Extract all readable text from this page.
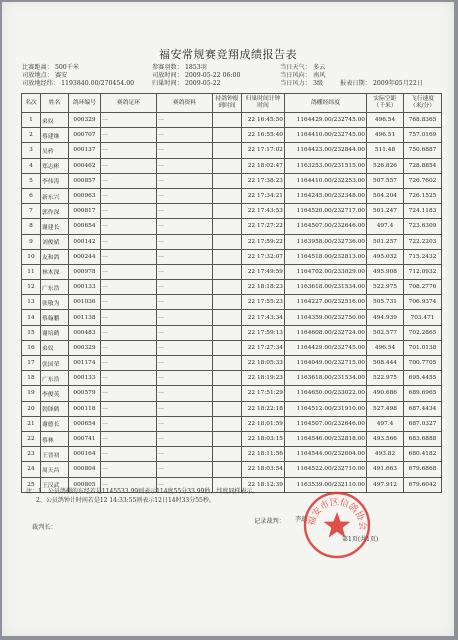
福安常规赛竞翔成绩报告表
比赛距离： 500千米
司放地点： 赛安
司放地经纬： 1193840.00/270454.00
参赛羽数： 1853羽
司放时间： 2009-05-22 06:00
归巢时间： 2009-05-22
当日天气： 多云
当日风向： 南风
当日风力： 3级	报表日期： 2009年05月22日
名次	姓名	鸽环编号	赛鸽足环	赛鸽资料	持鸽钟报到时间	归巢时间计钟时间	鸽棚经纬度	实际空距（千米）	飞行速度（米/分）
1	弟奴	000329	---	---		22 16:45:50	1164429.00/232745.00	496.54	768.8365
2	蔡建继	000707	---	---		22 16:55:40	1164410.00/232745.00	496.51	757.0169
3	吴矜	000137	---	---		22 17:17:02	1164423.00/232844.00	511.48	750.6887
4	郑志彬	000462	---	---		22 18:02:47	1163253.00/231515.00	526.826	728.8854
5	李伟涛	000857	---	---		22 17:38:23	1164410.00/232253.00	507.557	726.7602
6	新东兴	000963	---	---		22 17:34:21	1164245.00/232348.00	504.204	726.1525
7	郭作深	000817	---	---		22 17:43:53	1164520.00/232717.00	501.247	724.1183
8	谢建长	000654	---	---		22 17:27:22	1164507.00/232646.00	497.4	723.6309
9	刘俊斌	000142	---	---		22 17:59:22	1163958.00/232736.00	501.257	722.2203
10	友和鸽	000244	---	---		22 17:32:07	1164518.00/232813.00	495.032	715.2432
11	林木深	000978	---	---		22 17:49:59	1164702.00/233029.00	495.908	712.0932
12	广东浩	000133	---	---		22 18:18:23	1163618.00/231534.00	522.975	708.2776
13	张敬为	001036	---	---		22 17:55:23	1164227.00/232516.00	505.731	706.9374
14	蔡翰鹏	001138	---	---		22 17:43:34	1164359.00/232750.00	494.939	703.471
15	谢培鹤	000483	---	---		22 17:59:13	1164608.00/232724.00	502.577	702.2865
16	弟奴	000329	---	---		22 17:27:34	1164429.00/232745.00	496.54	701.0138
17	张国荣	001174	---	---		22 18:05:33	1164049.00/232715.00	508.444	700.7705
18	广东浩	000133	---	---		22 18:19:23	1163618.00/231534.00	522.975	695.4455
19	李俊英	000579	---	---		22 17:51:29	1164650.00/233022.00	490.686	689.6965
20	勃锋鹤	000118	---	---		22 18:22:18	1164512.00/231910.00	527.498	687.4434
21	谢德长	000654	---	---		22 18:01:59	1164507.00/232646.00	497.4	687.0327
22	蔡林	000741	---	---		22 18:03:15	1164546.00/232818.00	493.566	683.6888
23	王晋初	000164	---	---		22 18:11:56	1164544.00/232604.00	493.82	680.4182
24	周天昌	000804	---	---		22 18:03:54	1164522.00/232710.00	491.663	679.6868
25	王汉武	000805	---	---		22 18:12:39	1163539.00/232110.00	497.912	679.6042
注：1、公员鸽棚的东经若是1145533.99则表示114度55分33.99秒，纬度同样表示。
2、公员鸽钟计时间若是12 14:33:55则表示12日14时33分55秒。
裁判长：
记录裁判： 李德 福安市区信鸽协会
第1页(共1页)
